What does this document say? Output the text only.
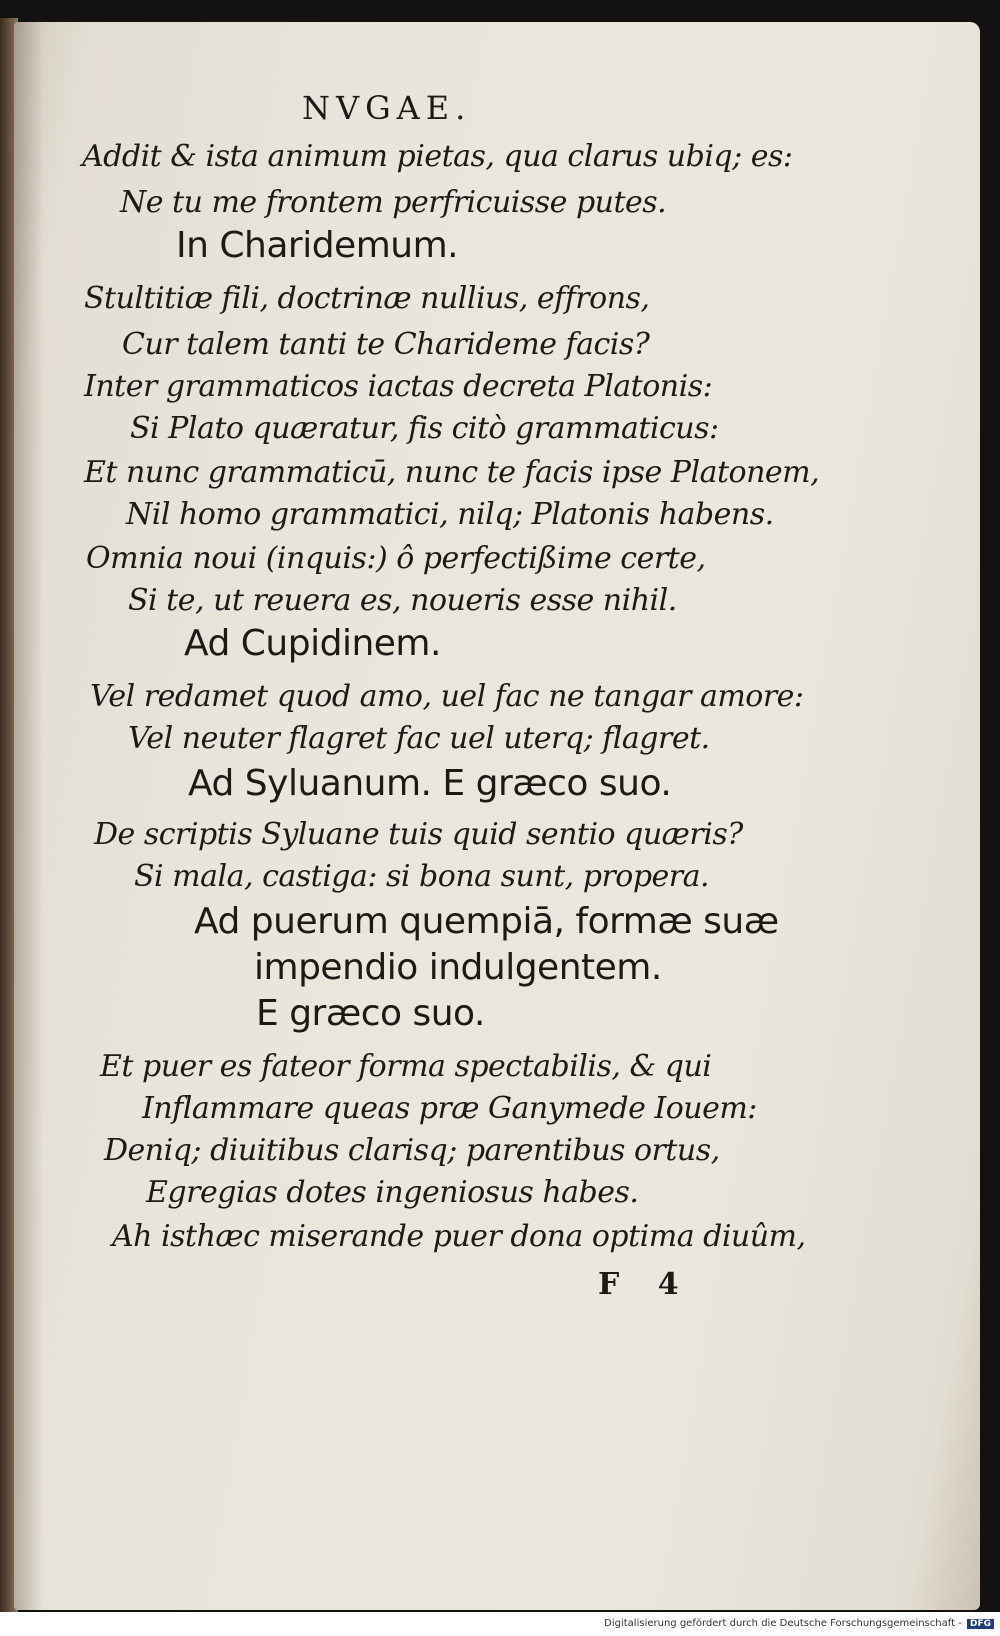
NVGAE.
Addit & ista animum pietas, qua clarus ubiq; es:
Ne tu me frontem perfricuisse putes.
In Charidemum.
Stultitiæ fili, doctrinæ nullius, effrons,
Cur talem tanti te Charideme facis?
Inter grammaticos iactas decreta Platonis:
Si Plato quæratur, fis citò grammaticus:
Et nunc grammaticū, nunc te facis ipse Platonem,
Nil homo grammatici, nilq; Platonis habens.
Omnia noui (inquis:) ô perfectißime certe,
Si te, ut reuera es, noueris esse nihil.
Ad Cupidinem.
Vel redamet quod amo, uel fac ne tangar amore:
Vel neuter flagret fac uel uterq; flagret.
Ad Syluanum. E græco suo.
De scriptis Syluane tuis quid sentio quæris?
Si mala, castiga: si bona sunt, propera.
Ad puerum quempiā, formæ suæ
impendio indulgentem.
E græco suo.
Et puer es fateor forma spectabilis, & qui
Inflammare queas præ Ganymede Iouem:
Deniq; diuitibus clarisq; parentibus ortus,
Egregias dotes ingeniosus habes.
Ah isthæc miserande puer dona optima diuûm,
F 4
Digitalisierung gefördert durch die Deutsche Forschungsgemeinschaft - DFG
